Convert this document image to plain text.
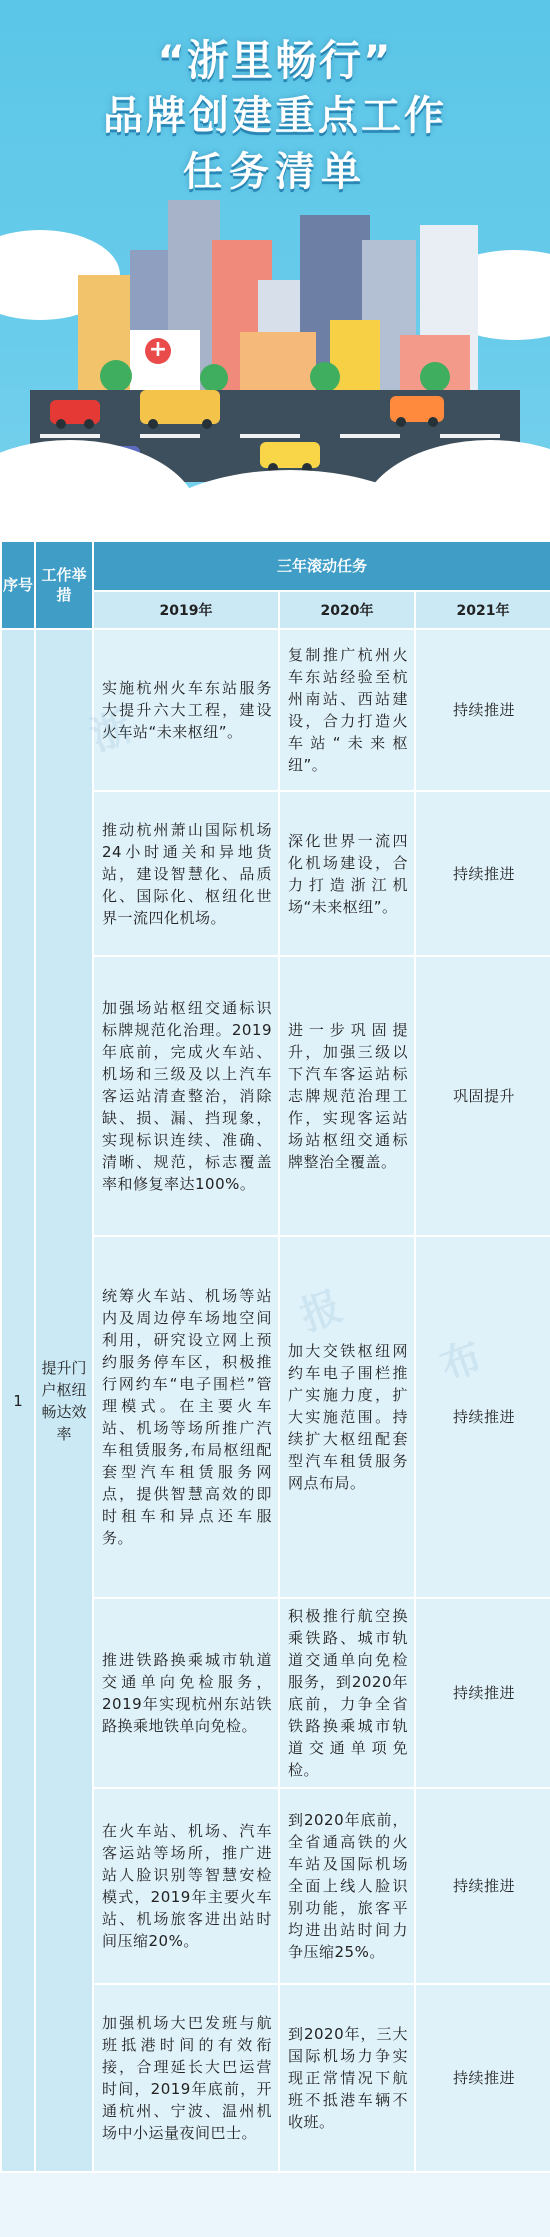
“浙里畅行”
品牌创建重点工作
任务清单
+
序号	工作举措	三年滚动任务		
		2019年	2020年	2021年
1	提升门户枢纽畅达效率	实施杭州火车东站服务大提升六大工程，建设火车站“未来枢纽”。	复制推广杭州火车东站经验至杭州南站、西站建设，合力打造火车站“未来枢纽”。	持续推进
		推动杭州萧山国际机场24小时通关和异地货站，建设智慧化、品质化、国际化、枢纽化世界一流四化机场。	深化世界一流四化机场建设，合力打造浙江机场“未来枢纽”。	持续推进
		加强场站枢纽交通标识标牌规范化治理。2019年底前，完成火车站、机场和三级及以上汽车客运站清查整治，消除缺、损、漏、挡现象，实现标识连续、准确、清晰、规范，标志覆盖率和修复率达100%。	进一步巩固提升，加强三级以下汽车客运站标志牌规范治理工作，实现客运站场站枢纽交通标牌整治全覆盖。	巩固提升
		统筹火车站、机场等站内及周边停车场地空间利用，研究设立网上预约服务停车区，积极推行网约车“电子围栏”管理模式。在主要火车站、机场等场所推广汽车租赁服务,布局枢纽配套型汽车租赁服务网点，提供智慧高效的即时租车和异点还车服务。	加大交铁枢纽网约车电子围栏推广实施力度，扩大实施范围。持续扩大枢纽配套型汽车租赁服务网点布局。	持续推进
		推进铁路换乘城市轨道交通单向免检服务，2019年实现杭州东站铁路换乘地铁单向免检。	积极推行航空换乘铁路、城市轨道交通单向免检服务，到2020年底前，力争全省铁路换乘城市轨道交通单项免检。	持续推进
		在火车站、机场、汽车客运站等场所，推广进站人脸识别等智慧安检模式，2019年主要火车站、机场旅客进出站时间压缩20%。	到2020年底前，全省通高铁的火车站及国际机场全面上线人脸识别功能，旅客平均进出站时间力争压缩25%。	持续推进
		加强机场大巴发班与航班抵港时间的有效衔接，合理延长大巴运营时间，2019年底前，开通杭州、宁波、温州机场中小运量夜间巴士。	到2020年，三大国际机场力争实现正常情况下航班不抵港车辆不收班。	持续推进
